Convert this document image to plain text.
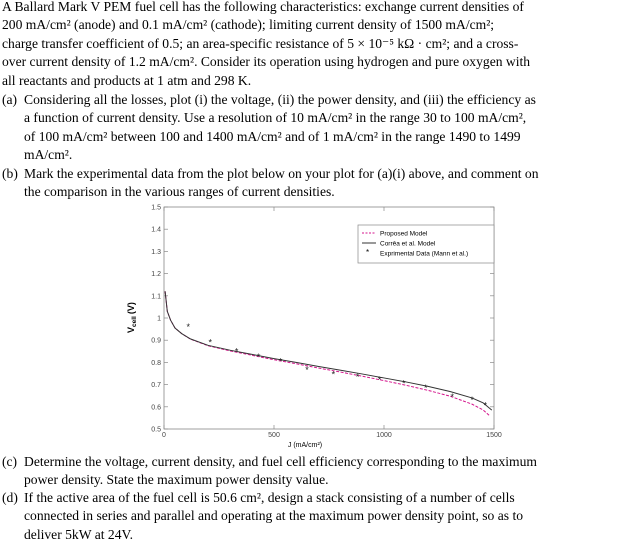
A Ballard Mark V PEM fuel cell has the following characteristics: exchange current densities of
200 mA/cm² (anode) and 0.1 mA/cm² (cathode); limiting current density of 1500 mA/cm²;
charge transfer coefficient of 0.5; an area-specific resistance of 5 × 10⁻⁵ kΩ · cm²; and a cross-
over current density of 1.2 mA/cm². Consider its operation using hydrogen and pure oxygen with
all reactants and products at 1 atm and 298 K.
(a) Considering all the losses, plot (i) the voltage, (ii) the power density, and (iii) the efficiency as
a function of current density. Use a resolution of 10 mA/cm² in the range 30 to 100 mA/cm²,
of 100 mA/cm² between 100 and 1400 mA/cm² and of 1 mA/cm² in the range 1490 to 1499
mA/cm².
(b) Mark the experimental data from the plot below on your plot for (a)(i) above, and comment on
the comparison in the various ranges of current densities.
0.5
0.6
0.7
0.8
0.9
1
1.1
1.2
1.3
1.4
1.5
0	500	1000	1500
*
*
*
* *
*	* * * * *
* *
*
Proposed Model
Corrêa et al. Model
* Exprimental Data (Mann et al.)
$V_{cell}(V)$
J (mA/cm²)
(c) Determine the voltage, current density, and fuel cell efficiency corresponding to the maximum
power density. State the maximum power density value.
(d) If the active area of the fuel cell is 50.6 cm², design a stack consisting of a number of cells
connected in series and parallel and operating at the maximum power density point, so as to
deliver 5kW at 24V.
